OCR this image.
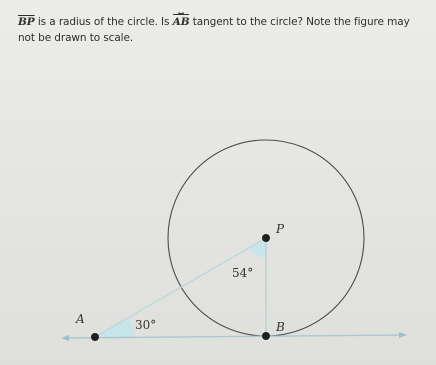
$\overline{BP}$ is a radius of the circle. Is AB ↔ tangent to the circle? Note the figure may not be drawn to scale.
A
B
P
30°
54°
